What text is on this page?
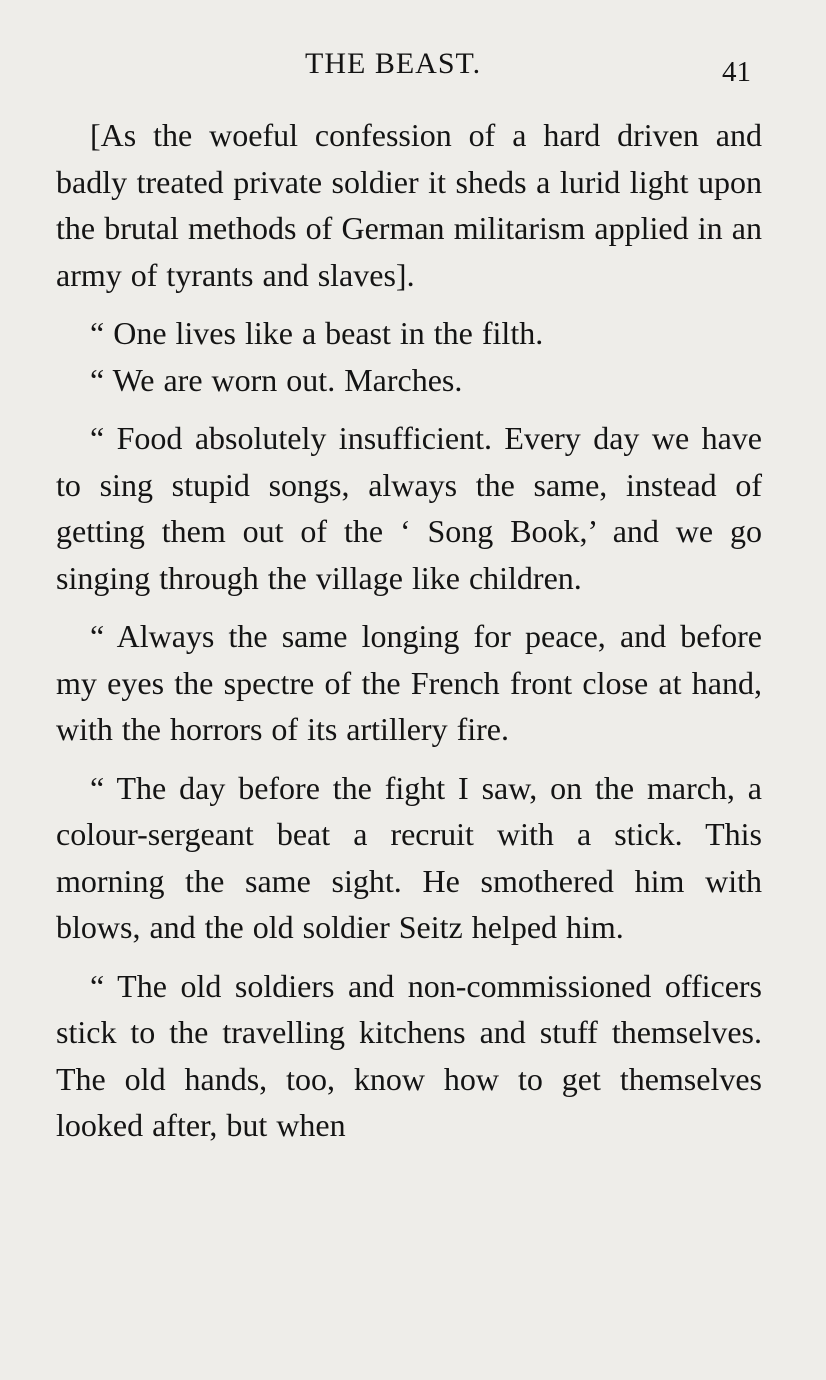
THE BEAST.	41

[As the woeful confession of a hard driven and badly treated private soldier it sheds a lurid light upon the brutal methods of German militarism applied in an army of tyrants and slaves].

“ One lives like a beast in the filth.

“ We are worn out. Marches.

“ Food absolutely insufficient. Every day we have to sing stupid songs, always the same, instead of getting them out of the ‘ Song Book,’ and we go singing through the village like children.

“ Always the same longing for peace, and before my eyes the spectre of the French front close at hand, with the horrors of its artillery fire.

“ The day before the fight I saw, on the march, a colour-sergeant beat a recruit with a stick. This morning the same sight. He smothered him with blows, and the old soldier Seitz helped him.

“ The old soldiers and non-commissioned officers stick to the travelling kitchens and stuff themselves. The old hands, too, know how to get themselves looked after, but when
